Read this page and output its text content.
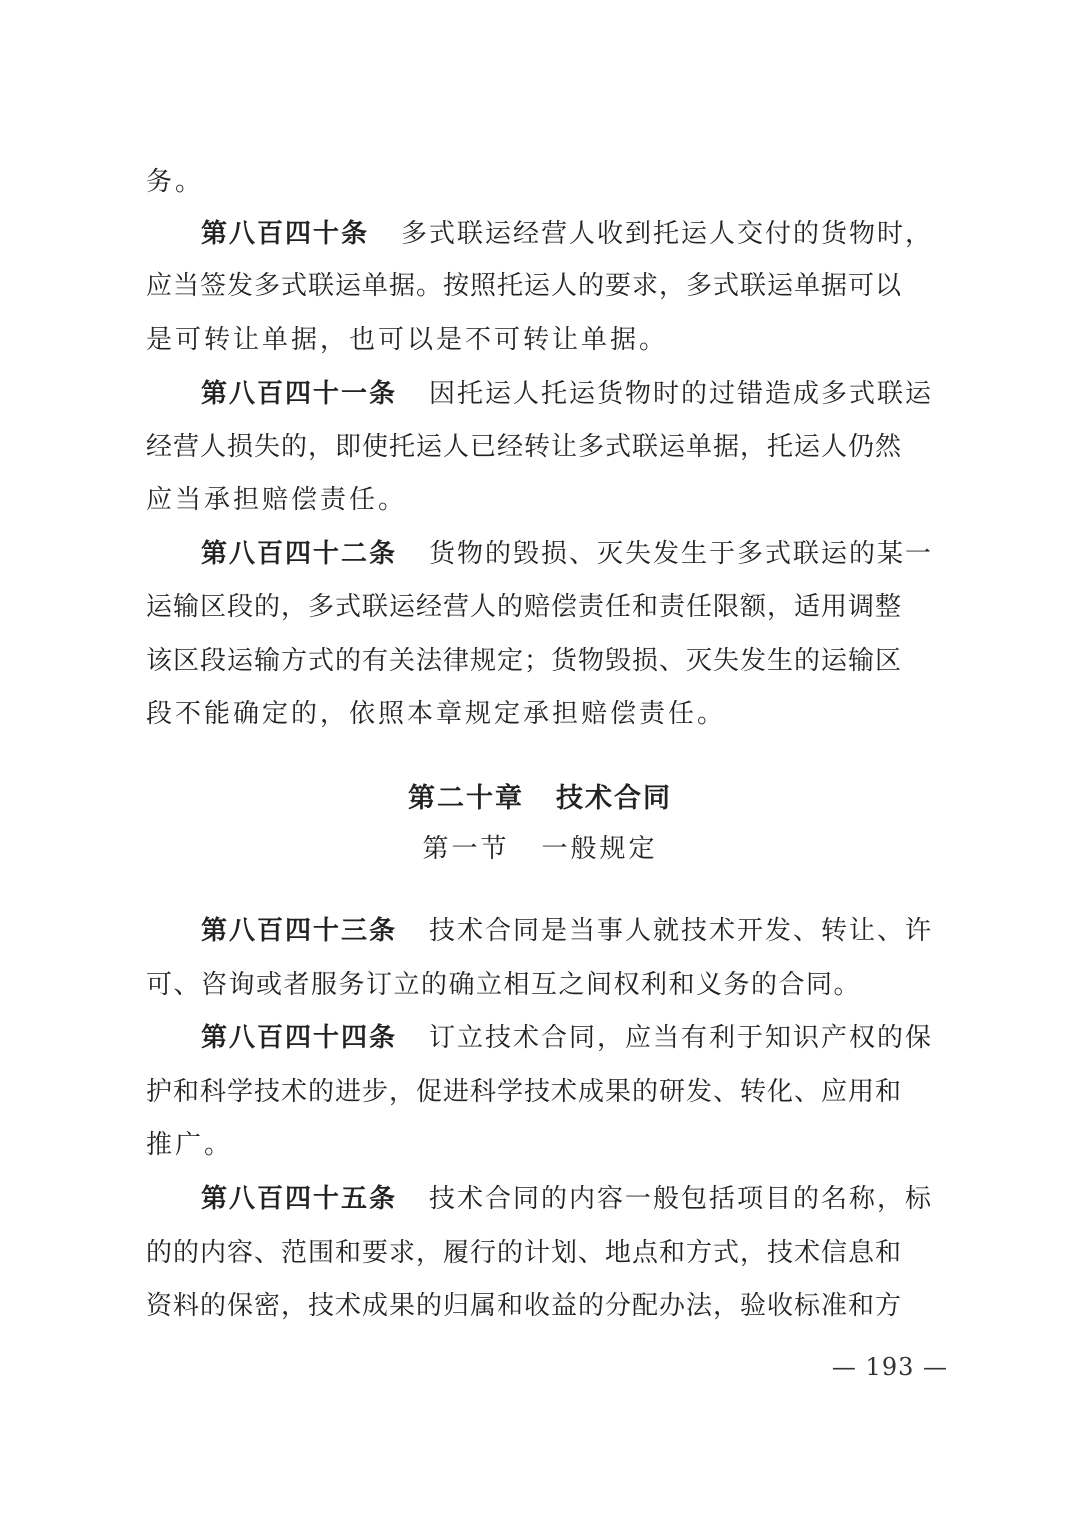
务。
第八百四十条 多式联运经营人收到托运人交付的货物时，
应当签发多式联运单据。按照托运人的要求，多式联运单据可以
是可转让单据，也可以是不可转让单据。
第八百四十一条 因托运人托运货物时的过错造成多式联运
经营人损失的，即使托运人已经转让多式联运单据，托运人仍然
应当承担赔偿责任。
第八百四十二条 货物的毁损、灭失发生于多式联运的某一
运输区段的，多式联运经营人的赔偿责任和责任限额，适用调整
该区段运输方式的有关法律规定；货物毁损、灭失发生的运输区
段不能确定的，依照本章规定承担赔偿责任。
第二十章 技术合同
第一节 一般规定
第八百四十三条 技术合同是当事人就技术开发、转让、许
可、咨询或者服务订立的确立相互之间权利和义务的合同。
第八百四十四条 订立技术合同，应当有利于知识产权的保
护和科学技术的进步，促进科学技术成果的研发、转化、应用和
推广。
第八百四十五条 技术合同的内容一般包括项目的名称，标
的的内容、范围和要求，履行的计划、地点和方式，技术信息和
资料的保密，技术成果的归属和收益的分配办法，验收标准和方
— 193 —
